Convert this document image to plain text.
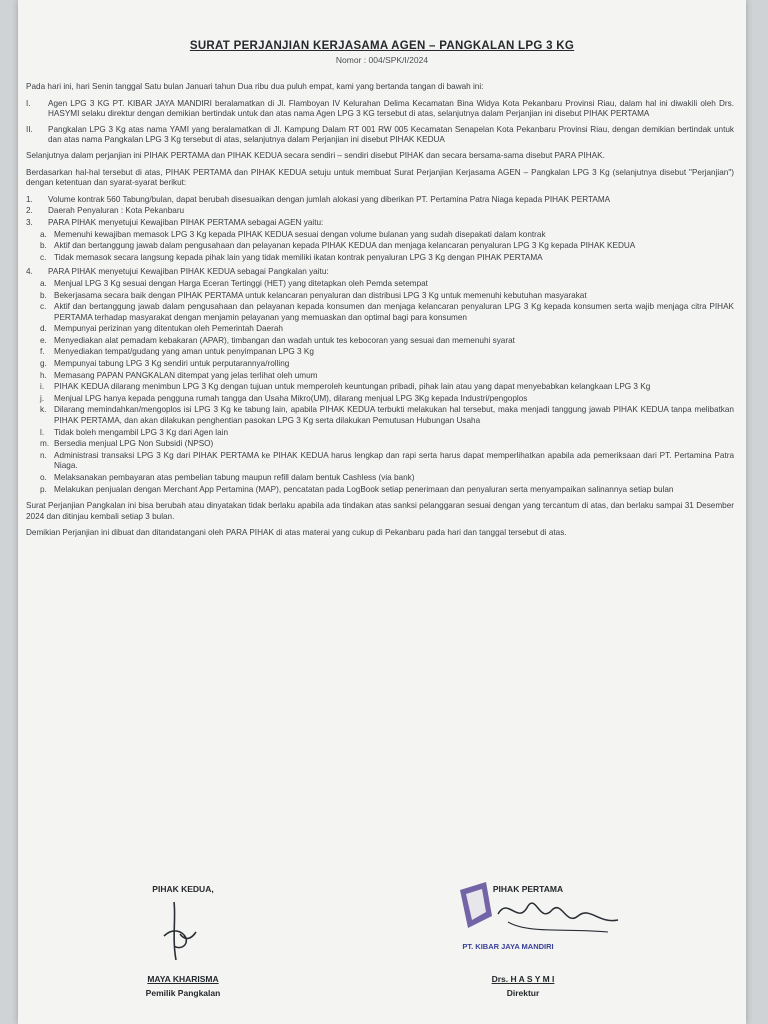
SURAT PERJANJIAN KERJASAMA AGEN – PANGKALAN LPG 3 KG
Nomor : 004/SPK/I/2024

Pada hari ini, hari Senin tanggal Satu bulan Januari tahun Dua ribu dua puluh empat, kami yang bertanda tangan di bawah ini:

I.	Agen LPG 3 KG PT. KIBAR JAYA MANDIRI beralamatkan di Jl. Flamboyan IV Kelurahan Delima Kecamatan Bina Widya Kota Pekanbaru Provinsi Riau, dalam hal ini diwakili oleh Drs. HASYMI selaku direktur dengan demikian bertindak untuk dan atas nama Agen LPG 3 KG tersebut di atas, selanjutnya dalam Perjanjian ini disebut PIHAK PERTAMA
II.	Pangkalan LPG 3 Kg atas nama YAMI yang beralamatkan di Jl. Kampung Dalam RT 001 RW 005 Kecamatan Senapelan Kota Pekanbaru Provinsi Riau, dengan demikian bertindak untuk dan atas nama Pangkalan LPG 3 Kg tersebut di atas, selanjutnya dalam Perjanjian ini disebut PIHAK KEDUA

Selanjutnya dalam perjanjian ini PIHAK PERTAMA dan PIHAK KEDUA secara sendiri – sendiri disebut PIHAK dan secara bersama-sama disebut PARA PIHAK.

Berdasarkan hal-hal tersebut di atas, PIHAK PERTAMA dan PIHAK KEDUA setuju untuk membuat Surat Perjanjian Kerjasama AGEN – Pangkalan LPG 3 Kg (selanjutnya disebut "Perjanjian") dengan ketentuan dan syarat-syarat berikut:

1.	Volume kontrak 560 Tabung/bulan, dapat berubah disesuaikan dengan jumlah alokasi yang diberikan PT. Pertamina Patra Niaga kepada PIHAK PERTAMA
2.	Daerah Penyaluran : Kota Pekanbaru
3.	PARA PIHAK menyetujui Kewajiban PIHAK PERTAMA sebagai AGEN yaitu:
a. Memenuhi kewajiban memasok LPG 3 Kg kepada PIHAK KEDUA sesuai dengan volume bulanan yang sudah disepakati dalam kontrak
b. Aktif dan bertanggung jawab dalam pengusahaan dan pelayanan kepada PIHAK KEDUA dan menjaga kelancaran penyaluran LPG 3 Kg kepada PIHAK KEDUA
c. Tidak memasok secara langsung kepada pihak lain yang tidak memiliki ikatan kontrak penyaluran LPG 3 Kg dengan PIHAK PERTAMA
4.	PARA PIHAK menyetujui Kewajiban PIHAK KEDUA sebagai Pangkalan yaitu:
a. Menjual LPG 3 Kg sesuai dengan Harga Eceran Tertinggi (HET) yang ditetapkan oleh Pemda setempat
b. Bekerjasama secara baik dengan PIHAK PERTAMA untuk kelancaran penyaluran dan distribusi LPG 3 Kg untuk memenuhi kebutuhan masyarakat
c. Aktif dan bertanggung jawab dalam pengusahaan dan pelayanan kepada konsumen dan menjaga kelancaran penyaluran LPG 3 Kg kepada konsumen serta wajib menjaga citra PIHAK PERTAMA terhadap masyarakat dengan menjamin pelayanan yang memuaskan dan optimal bagi para konsumen
d. Mempunyai perizinan yang ditentukan oleh Pemerintah Daerah
e. Menyediakan alat pemadam kebakaran (APAR), timbangan dan wadah untuk tes kebocoran yang sesuai dan memenuhi syarat
f.	Menyediakan tempat/gudang yang aman untuk penyimpanan LPG 3 Kg
g. Mempunyai tabung LPG 3 Kg sendiri untuk perputarannya/rolling
h. Memasang PAPAN PANGKALAN ditempat yang jelas terlihat oleh umum
i.	PIHAK KEDUA dilarang menimbun LPG 3 Kg dengan tujuan untuk memperoleh keuntungan pribadi, pihak lain atau yang dapat menyebabkan kelangkaan LPG 3 Kg
j.	Menjual LPG hanya kepada pengguna rumah tangga dan Usaha Mikro(UM), dilarang menjual LPG 3Kg kepada Industri/pengoplos
k. Dilarang memindahkan/mengoplos isi LPG 3 Kg ke tabung lain, apabila PIHAK KEDUA terbukti melakukan hal tersebut, maka menjadi tanggung jawab PIHAK KEDUA tanpa melibatkan PIHAK PERTAMA, dan akan dilakukan penghentian pasokan LPG 3 Kg serta dilakukan Pemutusan Hubungan Usaha
l.	Tidak boleh mengambil LPG 3 Kg dari Agen lain
m. Bersedia menjual LPG Non Subsidi (NPSO)
n. Administrasi transaksi LPG 3 Kg dari PIHAK PERTAMA ke PIHAK KEDUA harus lengkap dan rapi serta harus dapat memperlihatkan apabila ada pemeriksaan dari PT. Pertamina Patra Niaga.
o. Melaksanakan pembayaran atas pembelian tabung maupun refill dalam bentuk Cashless (via bank)
p. Melakukan penjualan dengan Merchant App Pertamina (MAP), pencatatan pada LogBook setiap penerimaan dan penyaluran serta menyampaikan salinannya setiap bulan

Surat Perjanjian Pangkalan ini bisa berubah atau dinyatakan tidak berlaku apabila ada tindakan atas sanksi pelanggaran sesuai dengan yang tercantum di atas, dan berlaku sampai 31 Desember 2024 dan ditinjau kembali setiap 3 bulan.

Demikian Perjanjian ini dibuat dan ditandatangani oleh PARA PIHAK di atas materai yang cukup di Pekanbaru pada hari dan tanggal tersebut di atas.

PIHAK KEDUA,
MAYA KHARISMA
Pemilik Pangkalan
PIHAK PERTAMA
PT. KIBAR JAYA MANDIRI
Drs. H A S Y M I
Direktur
